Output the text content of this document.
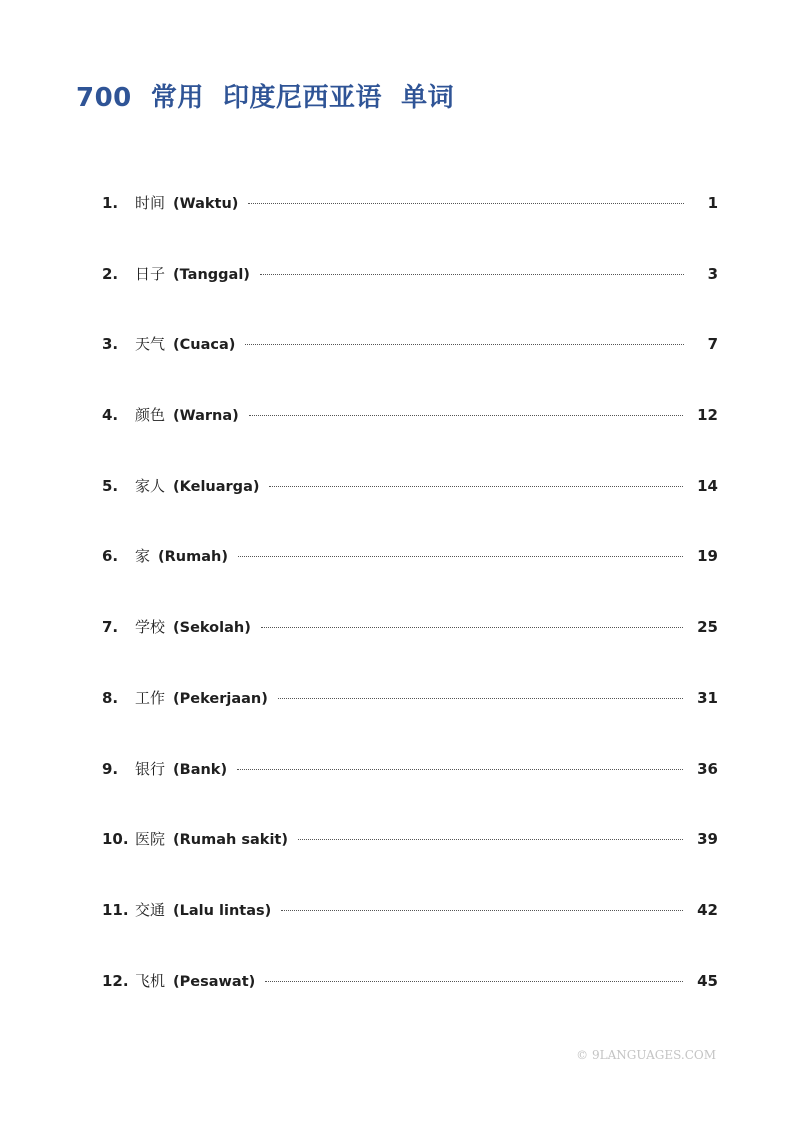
700  常用  印度尼西亚语  单词
1.	时间 (Waktu)	1
2.	日子 (Tanggal)	3
3.	天气 (Cuaca)	7
4.	颜色 (Warna)	12
5.	家人 (Keluarga)	14
6.	家 (Rumah)	19
7.	学校 (Sekolah)	25
8.	工作 (Pekerjaan)	31
9.	银行 (Bank)	36
10. 医院 (Rumah sakit)	39
11. 交通 (Lalu lintas)	42
12. 飞机 (Pesawat)	45
© 9LANGUAGES.COM
